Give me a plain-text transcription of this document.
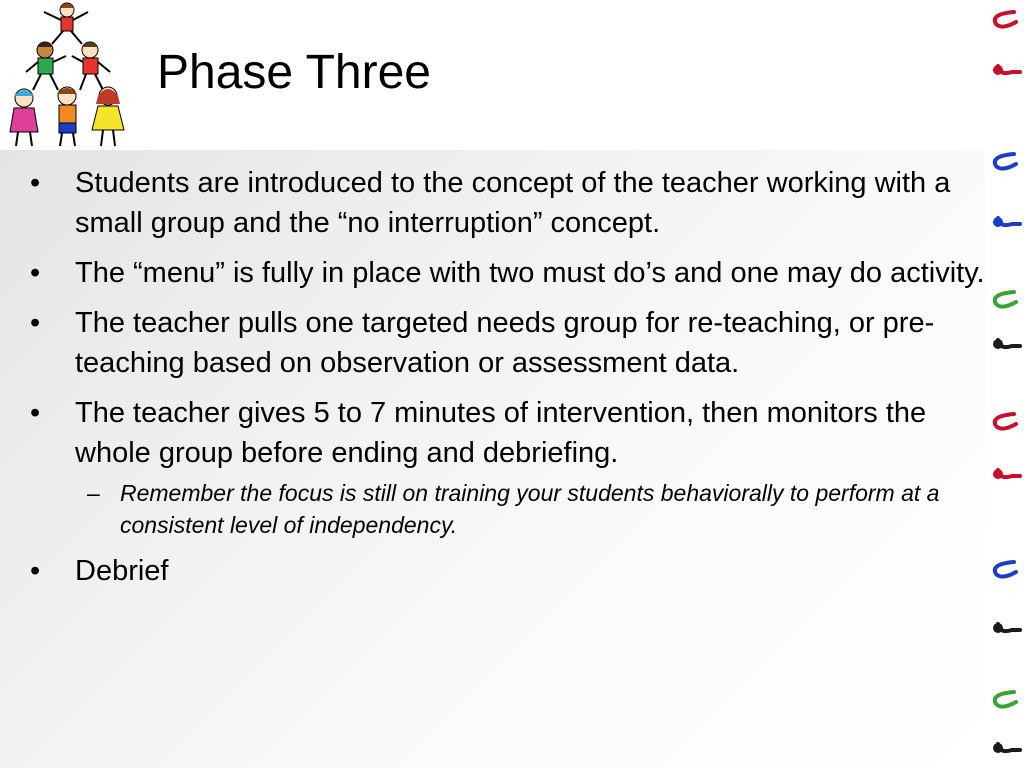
Phase Three
•	Students are introduced to the concept of the teacher working with a small group and the “no interruption” concept.
•	The “menu” is fully in place with two must do’s and one may do activity.
•	The teacher pulls one targeted needs group for re-teaching, or pre-teaching based on observation or assessment data.
•	The teacher gives 5 to 7 minutes of intervention, then monitors the whole group before ending and debriefing.
– Remember the focus is still on training your students behaviorally to perform at a consistent level of independency.
•	Debrief
